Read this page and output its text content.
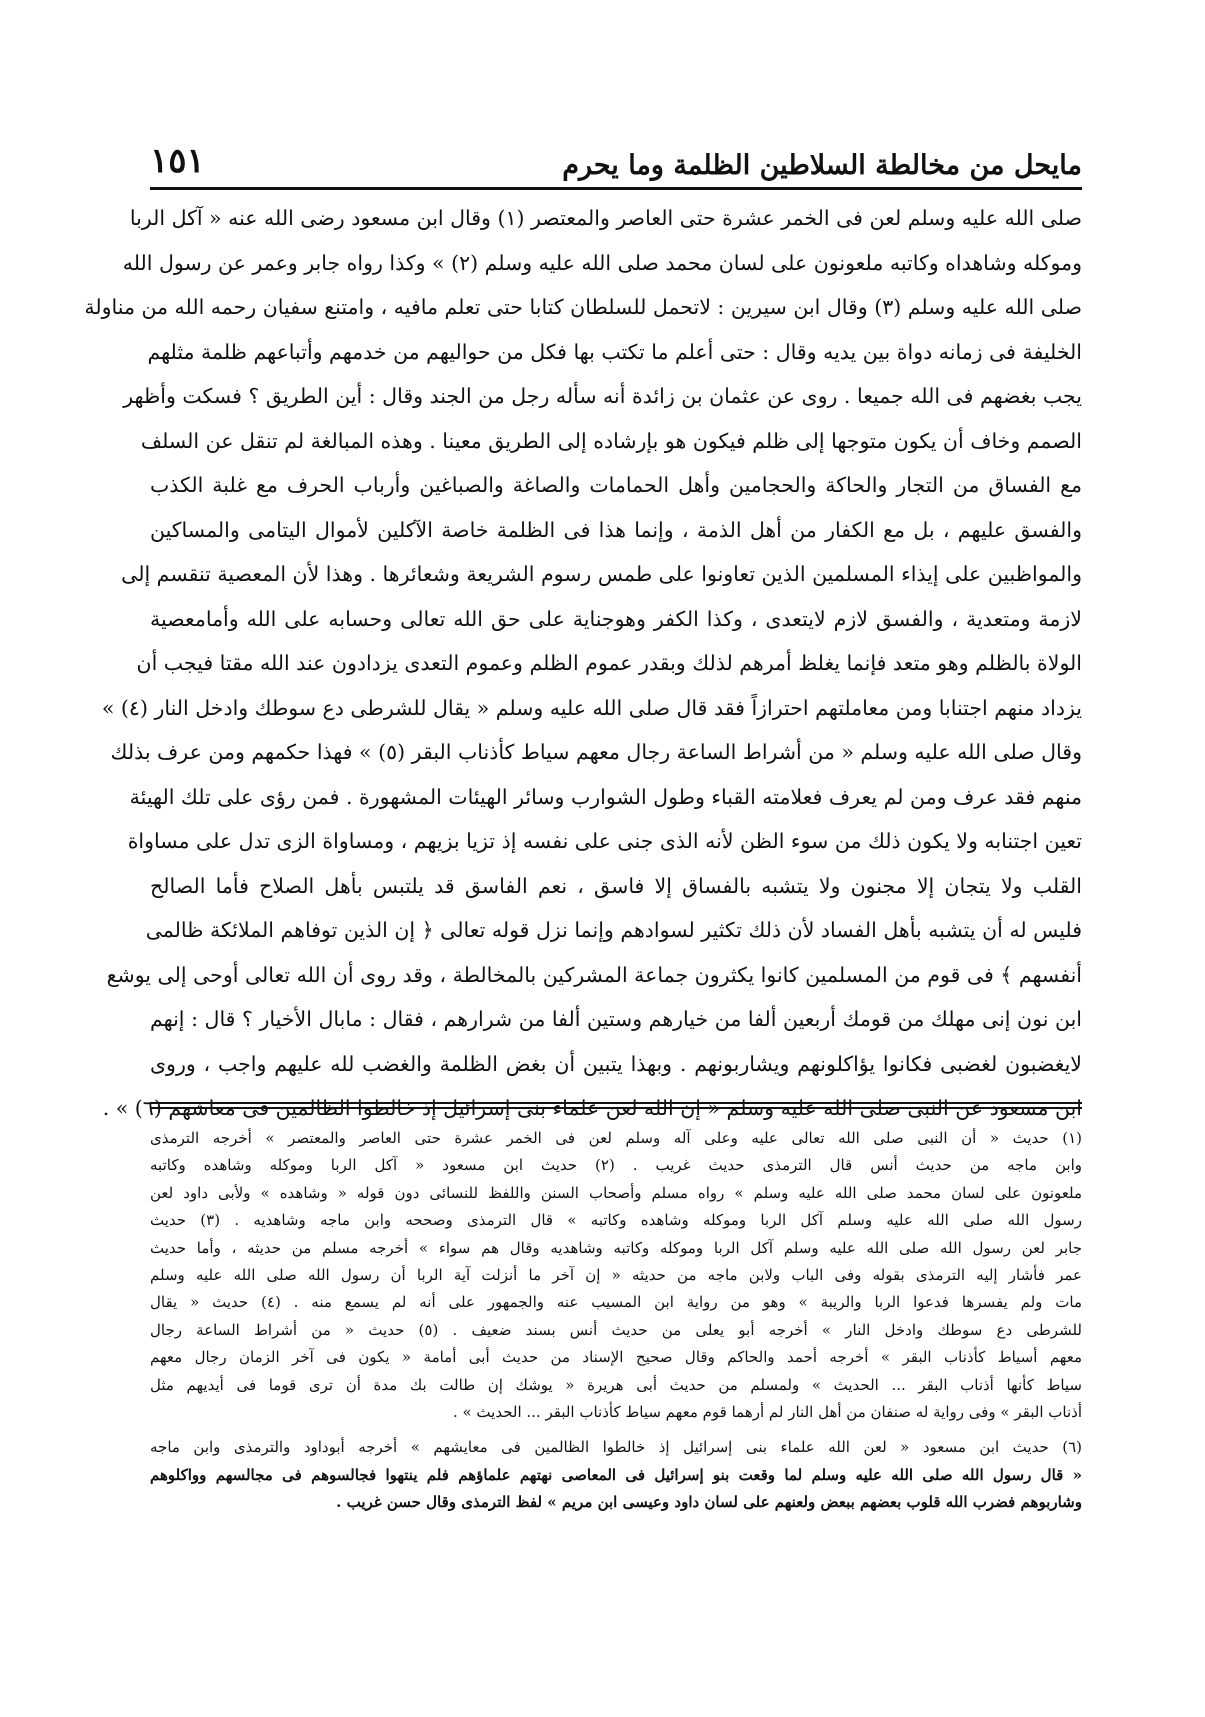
مايحل من مخالطة السلاطين الظلمة وما يحرم
١٥١
صلى الله عليه وسلم لعن فى الخمر عشرة حتى العاصر والمعتصر (١) وقال ابن مسعود رضى الله عنه « آكل الربا
وموكله وشاهداه وكاتبه ملعونون على لسان محمد صلى الله عليه وسلم (٢) » وكذا رواه جابر وعمر عن رسول الله
صلى الله عليه وسلم (٣) وقال ابن سيرين : لاتحمل للسلطان كتابا حتى تعلم مافيه ، وامتنع سفيان رحمه الله من مناولة
الخليفة فى زمانه دواة بين يديه وقال : حتى أعلم ما تكتب بها فكل من حواليهم من خدمهم وأتباعهم ظلمة مثلهم
يجب بغضهم فى الله جميعا . روى عن عثمان بن زائدة أنه سأله رجل من الجند وقال : أين الطريق ؟ فسكت وأظهر
الصمم وخاف أن يكون متوجها إلى ظلم فيكون هو بإرشاده إلى الطريق معينا . وهذه المبالغة لم تنقل عن السلف
مع الفساق من التجار والحاكة والحجامين وأهل الحمامات والصاغة والصباغين وأرباب الحرف مع غلبة الكذب
والفسق عليهم ، بل مع الكفار من أهل الذمة ، وإنما هذا فى الظلمة خاصة الآكلين لأموال اليتامى والمساكين
والمواظبين على إيذاء المسلمين الذين تعاونوا على طمس رسوم الشريعة وشعائرها . وهذا لأن المعصية تنقسم إلى
لازمة ومتعدية ، والفسق لازم لايتعدى ، وكذا الكفر وهوجناية على حق الله تعالى وحسابه على الله وأمامعصية
الولاة بالظلم وهو متعد فإنما يغلظ أمرهم لذلك وبقدر عموم الظلم وعموم التعدى يزدادون عند الله مقتا فيجب أن
يزداد منهم اجتنابا ومن معاملتهم احترازاً فقد قال صلى الله عليه وسلم « يقال للشرطى دع سوطك وادخل النار (٤) »
وقال صلى الله عليه وسلم « من أشراط الساعة رجال معهم سياط كأذناب البقر (٥) » فهذا حكمهم ومن عرف بذلك
منهم فقد عرف ومن لم يعرف فعلامته القباء وطول الشوارب وسائر الهيئات المشهورة . فمن رؤى على تلك الهيئة
تعين اجتنابه ولا يكون ذلك من سوء الظن لأنه الذى جنى على نفسه إذ تزيا بزيهم ، ومساواة الزى تدل على مساواة
القلب ولا يتجان إلا مجنون ولا يتشبه بالفساق إلا فاسق ، نعم الفاسق قد يلتبس بأهل الصلاح فأما الصالح
فليس له أن يتشبه بأهل الفساد لأن ذلك تكثير لسوادهم وإنما نزل قوله تعالى ﴿ إن الذين توفاهم الملائكة ظالمى
أنفسهم ﴾ فى قوم من المسلمين كانوا يكثرون جماعة المشركين بالمخالطة ، وقد روى أن الله تعالى أوحى إلى يوشع
ابن نون إنى مهلك من قومك أربعين ألفا من خيارهم وستين ألفا من شرارهم ، فقال : مابال الأخيار ؟ قال : إنهم
لايغضبون لغضبى فكانوا يؤاكلونهم ويشاربونهم . وبهذا يتبين أن بغض الظلمة والغضب لله عليهم واجب ، وروى
ابن مسعود عن النبى صلى الله عليه وسلم « إن الله لعن علماء بنى إسرائيل إذ خالطوا الظالمين فى معاشهم (٦) » .
(١) حديث « أن النبى صلى الله تعالى عليه وعلى آله وسلم لعن فى الخمر عشرة حتى العاصر والمعتصر » أخرجه الترمذى
وابن ماجه من حديث أنس قال الترمذى حديث غريب . (٢) حديث ابن مسعود « آكل الربا وموكله وشاهده وكاتبه
ملعونون على لسان محمد صلى الله عليه وسلم » رواه مسلم وأصحاب السنن واللفظ للنسائى دون قوله « وشاهده » ولأبى داود لعن
رسول الله صلى الله عليه وسلم آكل الربا وموكله وشاهده وكاتبه » قال الترمذى وصححه وابن ماجه وشاهديه . (٣) حديث
جابر لعن رسول الله صلى الله عليه وسلم آكل الربا وموكله وكاتبه وشاهديه وقال هم سواء » أخرجه مسلم من حديثه ، وأما حديث
عمر فأشار إليه الترمذى بقوله وفى الباب ولابن ماجه من حديثه « إن آخر ما أنزلت آية الربا أن رسول الله صلى الله عليه وسلم
مات ولم يفسرها فدعوا الربا والريبة » وهو من رواية ابن المسيب عنه والجمهور على أنه لم يسمع منه . (٤) حديث « يقال
للشرطى دع سوطك وادخل النار » أخرجه أبو يعلى من حديث أنس بسند ضعيف . (٥) حديث « من أشراط الساعة رجال
معهم أسياط كأذناب البقر » أخرجه أحمد والحاكم وقال صحيح الإسناد من حديث أبى أمامة « يكون فى آخر الزمان رجال معهم
سياط كأنها أذناب البقر ... الحديث » ولمسلم من حديث أبى هريرة « يوشك إن طالت بك مدة أن ترى قوما فى أيديهم مثل
أذناب البقر » وفى رواية له صنفان من أهل النار لم أرهما قوم معهم سياط كأذناب البقر ... الحديث » .
(٦) حديث ابن مسعود « لعن الله علماء بنى إسرائيل إذ خالطوا الظالمين فى معايشهم » أخرجه أبوداود والترمذى وابن ماجه
« قال رسول الله صلى الله عليه وسلم لما وقعت بنو إسرائيل فى المعاصى نهتهم علماؤهم فلم ينتهوا فجالسوهم فى مجالسهم وواكلوهم
وشاربوهم فضرب الله قلوب بعضهم ببعض ولعنهم على لسان داود وعيسى ابن مريم » لفظ الترمذى وقال حسن غريب .
